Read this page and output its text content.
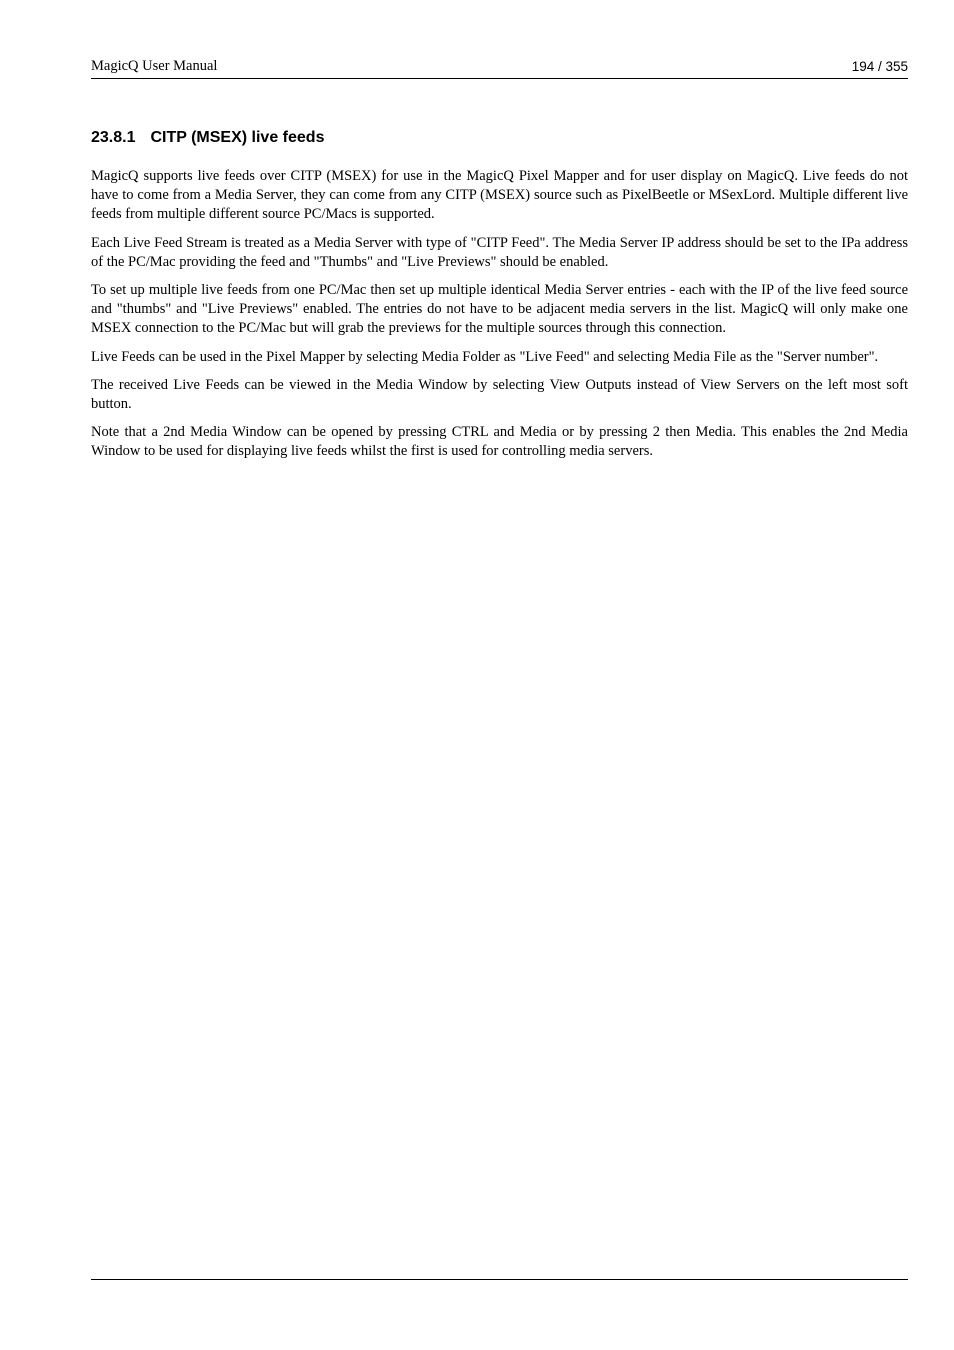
MagicQ User Manual	194 / 355
23.8.1 CITP (MSEX) live feeds

MagicQ supports live feeds over CITP (MSEX) for use in the MagicQ Pixel Mapper and for user display on MagicQ. Live feeds do not have to come from a Media Server, they can come from any CITP (MSEX) source such as PixelBeetle or MSexLord. Multiple different live feeds from multiple different source PC/Macs is supported.

Each Live Feed Stream is treated as a Media Server with type of "CITP Feed". The Media Server IP address should be set to the IPa address of the PC/Mac providing the feed and "Thumbs" and "Live Previews" should be enabled.

To set up multiple live feeds from one PC/Mac then set up multiple identical Media Server entries - each with the IP of the live feed source and "thumbs" and "Live Previews" enabled. The entries do not have to be adjacent media servers in the list. MagicQ will only make one MSEX connection to the PC/Mac but will grab the previews for the multiple sources through this connection.

Live Feeds can be used in the Pixel Mapper by selecting Media Folder as "Live Feed" and selecting Media File as the "Server number".

The received Live Feeds can be viewed in the Media Window by selecting View Outputs instead of View Servers on the left most soft button.

Note that a 2nd Media Window can be opened by pressing CTRL and Media or by pressing 2 then Media. This enables the 2nd Media Window to be used for displaying live feeds whilst the first is used for controlling media servers.
